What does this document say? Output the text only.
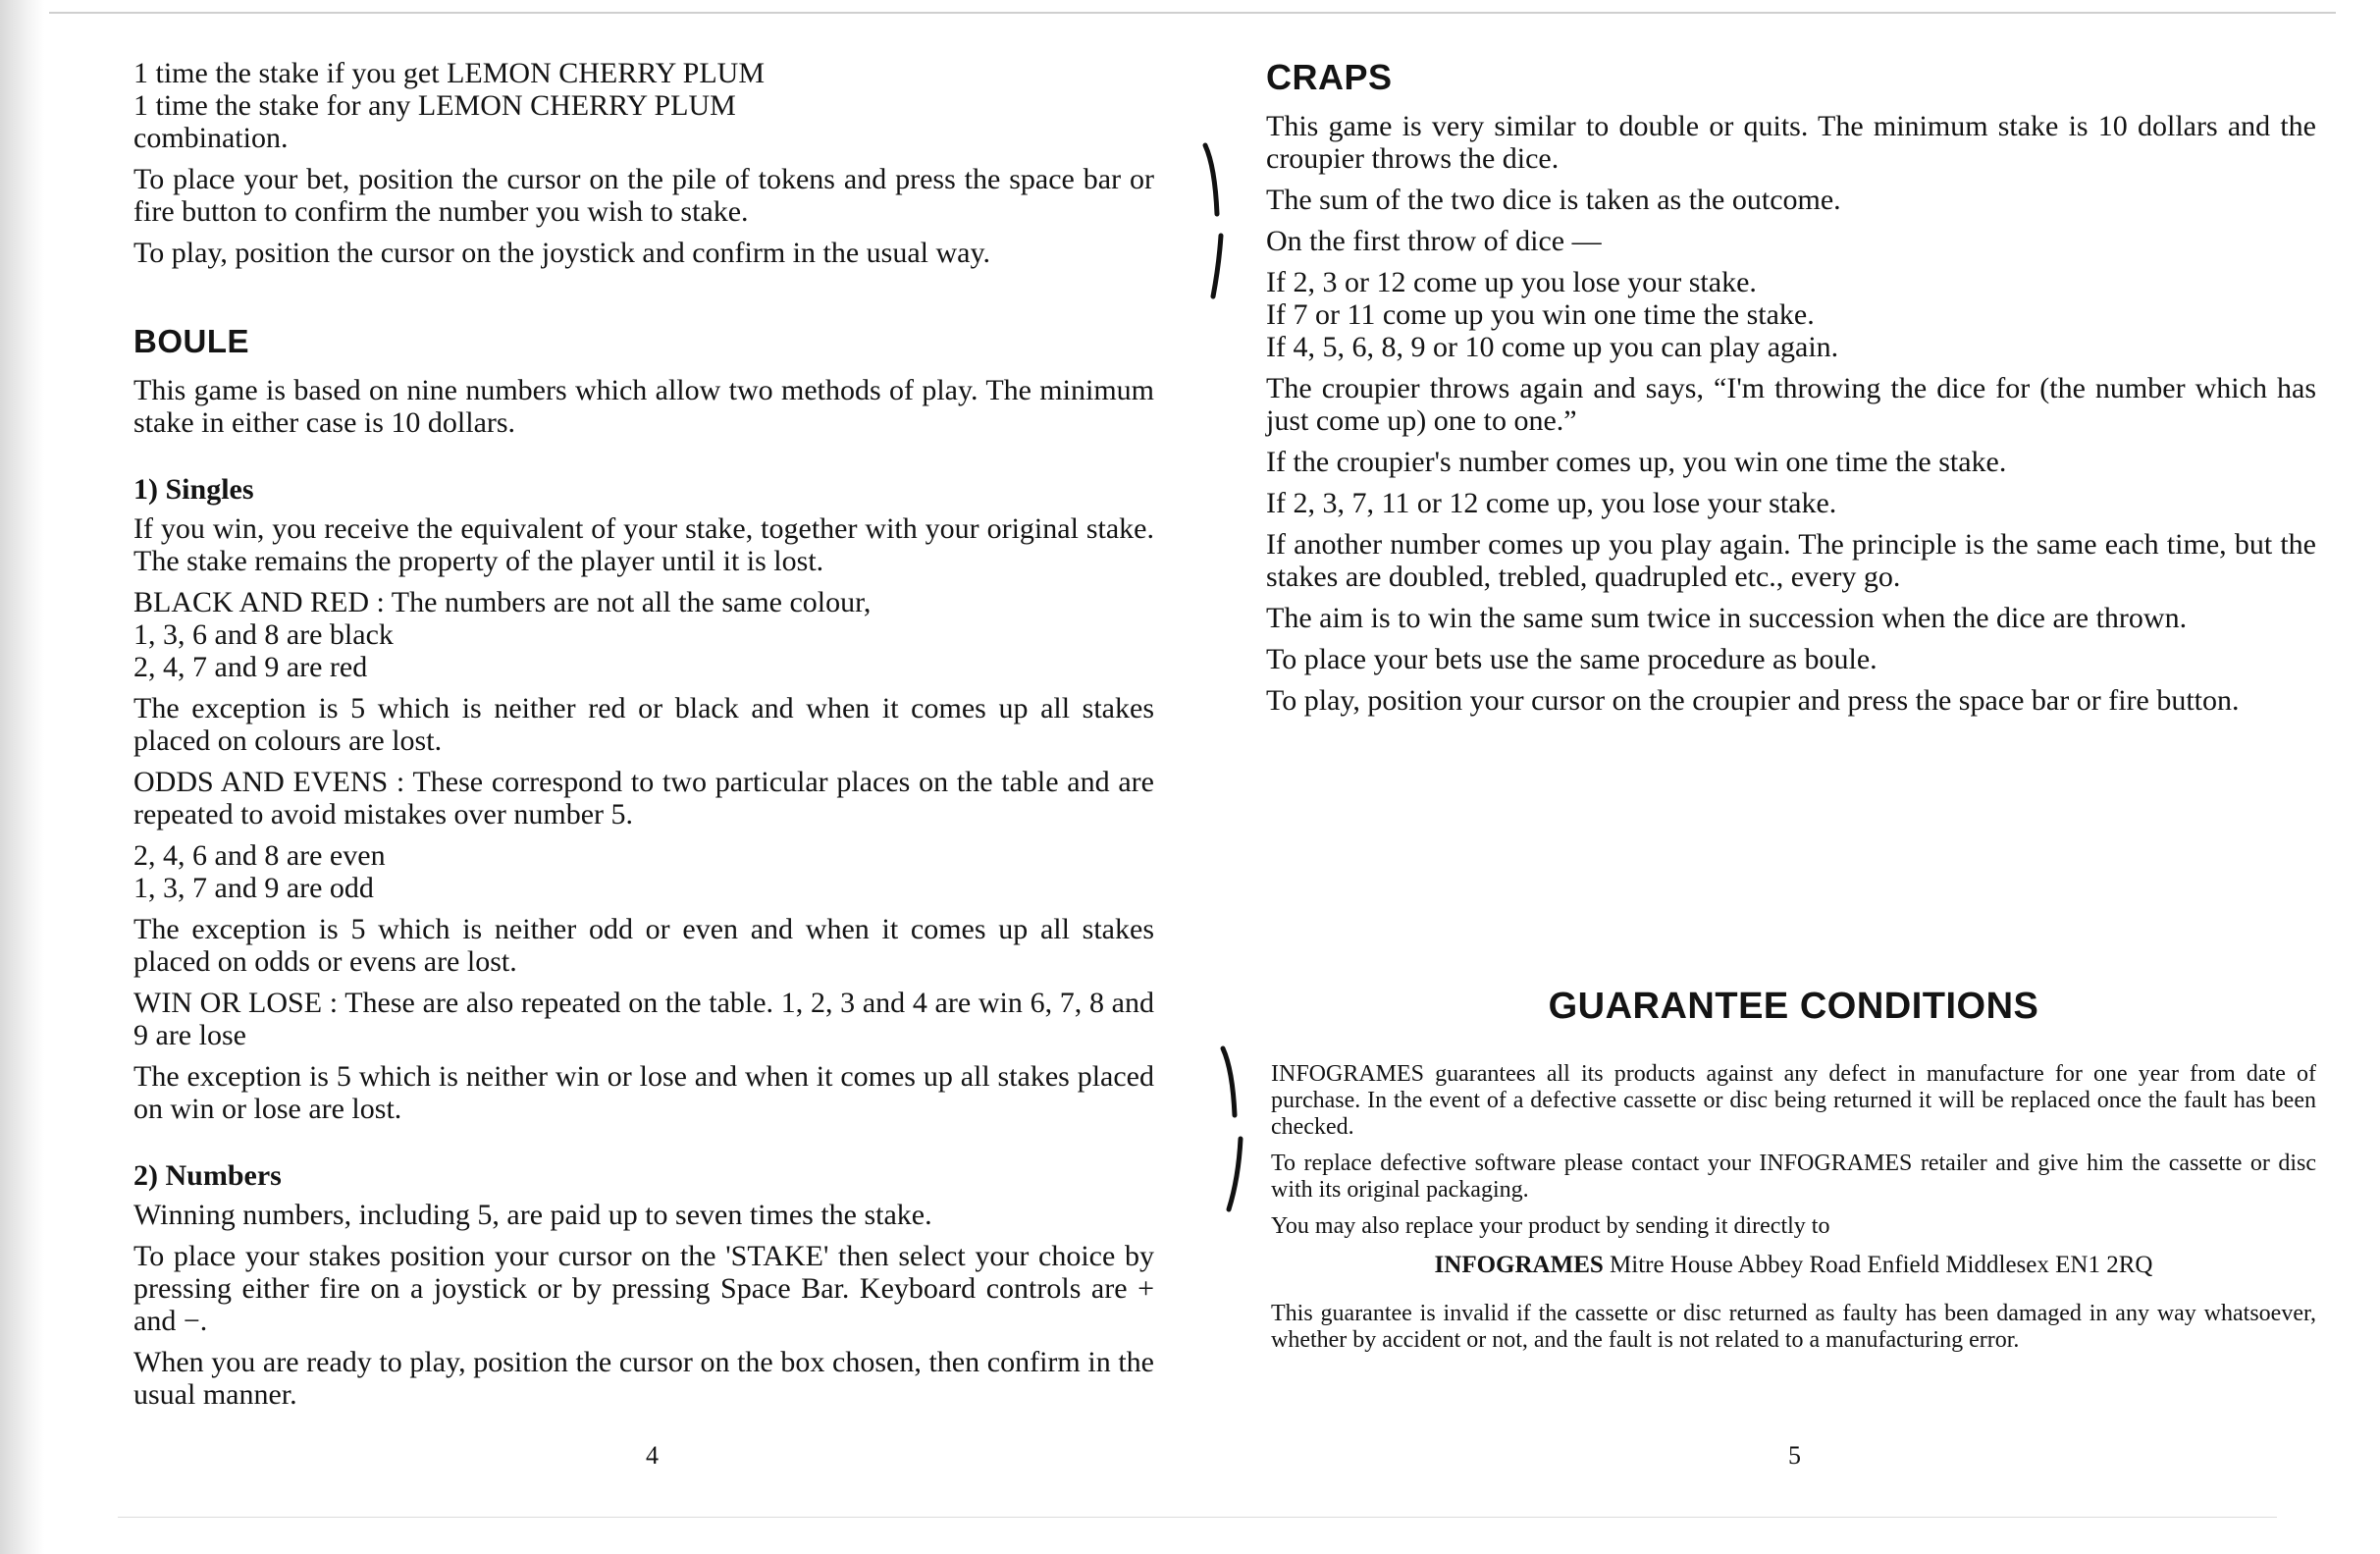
1 time the stake if you get LEMON CHERRY PLUM

1 time the stake for any LEMON CHERRY PLUM

combination.

To place your bet, position the cursor on the pile of tokens and press the space bar or fire button to confirm the number you wish to stake.

To play, position the cursor on the joystick and confirm in the usual way.

BOULE

This game is based on nine numbers which allow two methods of play. The minimum stake in either case is 10 dollars.

1) Singles

If you win, you receive the equivalent of your stake, together with your original stake. The stake remains the property of the player until it is lost.

BLACK AND RED : The numbers are not all the same colour,

1, 3, 6 and 8 are black

2, 4, 7 and 9 are red

The exception is 5 which is neither red or black and when it comes up all stakes placed on colours are lost.

ODDS AND EVENS : These correspond to two particular places on the table and are repeated to avoid mistakes over number 5.

2, 4, 6 and 8 are even

1, 3, 7 and 9 are odd

The exception is 5 which is neither odd or even and when it comes up all stakes placed on odds or evens are lost.

WIN OR LOSE : These are also repeated on the table. 1, 2, 3 and 4 are win 6, 7, 8 and 9 are lose

The exception is 5 which is neither win or lose and when it comes up all stakes placed on win or lose are lost.

2) Numbers

Winning numbers, including 5, are paid up to seven times the stake.

To place your stakes position your cursor on the 'STAKE' then select your choice by pressing either fire on a joystick or by pressing Space Bar. Keyboard controls are + and −.

When you are ready to play, position the cursor on the box chosen, then confirm in the usual manner.

4
CRAPS

This game is very similar to double or quits. The minimum stake is 10 dollars and the croupier throws the dice.

The sum of the two dice is taken as the outcome.

On the first throw of dice —

If 2, 3 or 12 come up you lose your stake.

If 7 or 11 come up you win one time the stake.

If 4, 5, 6, 8, 9 or 10 come up you can play again.

The croupier throws again and says, “I'm throwing the dice for (the number which has just come up) one to one.”

If the croupier's number comes up, you win one time the stake.

If 2, 3, 7, 11 or 12 come up, you lose your stake.

If another number comes up you play again. The principle is the same each time, but the stakes are doubled, trebled, quadrupled etc., every go.

The aim is to win the same sum twice in succession when the dice are thrown.

To place your bets use the same procedure as boule.

To play, position your cursor on the croupier and press the space bar or fire button.

GUARANTEE CONDITIONS

INFOGRAMES guarantees all its products against any defect in manufacture for one year from date of purchase. In the event of a defective cassette or disc being returned it will be replaced once the fault has been checked.

To replace defective software please contact your INFOGRAMES retailer and give him the cassette or disc with its original packaging.

You may also replace your product by sending it directly to

INFOGRAMES Mitre House Abbey Road Enfield Middlesex EN1 2RQ

This guarantee is invalid if the cassette or disc returned as faulty has been damaged in any way whatsoever, whether by accident or not, and the fault is not related to a manufacturing error.

5
